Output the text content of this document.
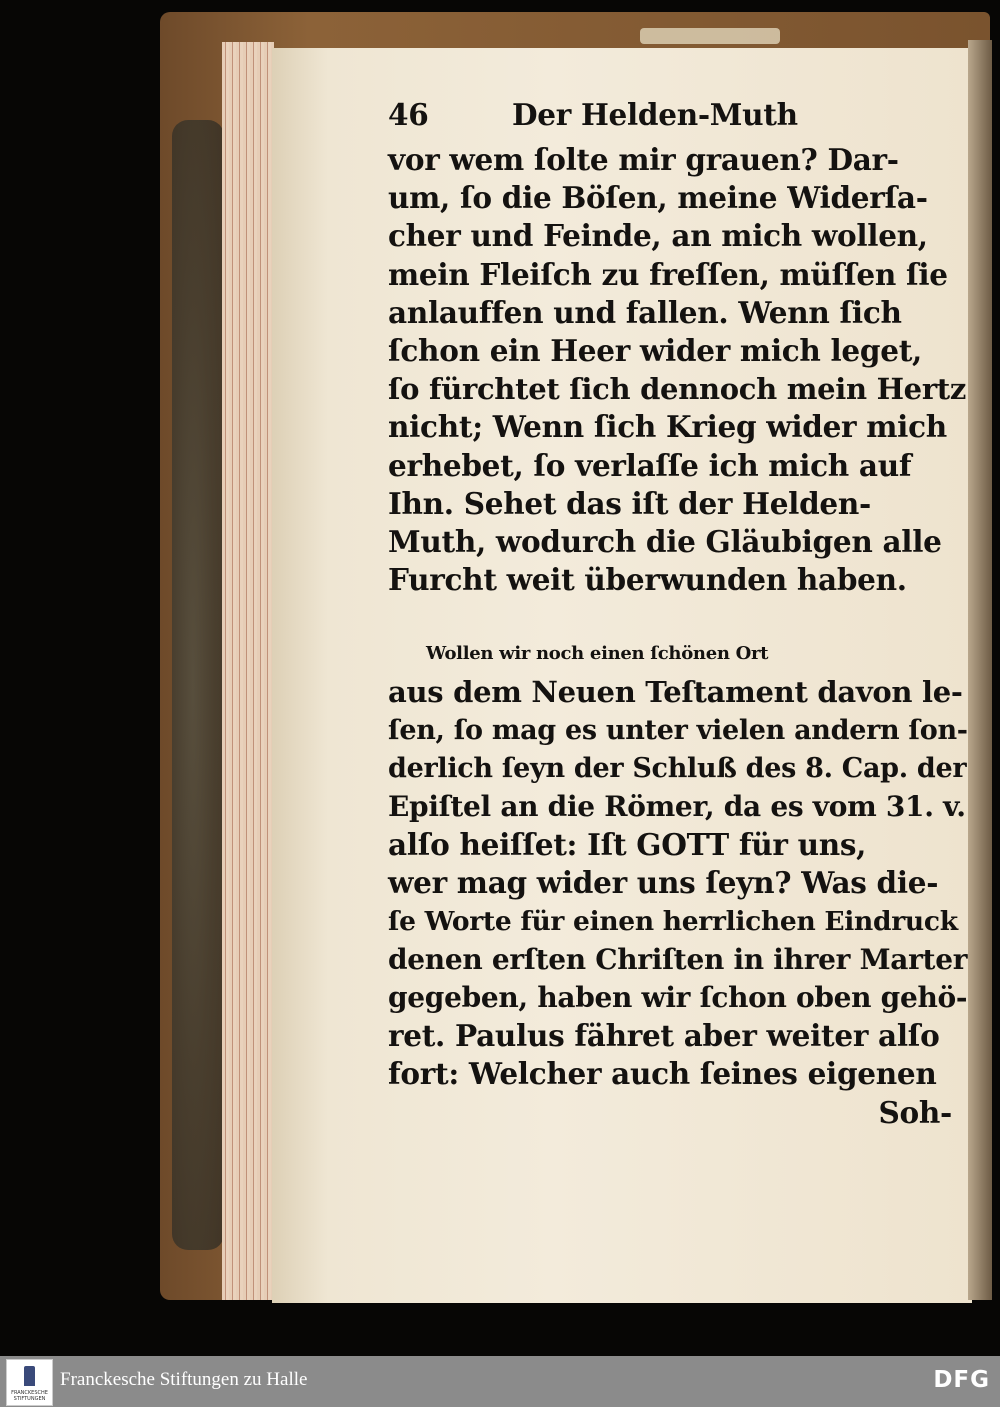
46	Der Helden-Muth
vor wem ſolte mir grauen? Dar-
um, ſo die Böſen, meine Widerſa-
cher und Feinde, an mich wollen,
mein Fleiſch zu freſſen, müſſen ſie
anlauffen und fallen. Wenn ſich
ſchon ein Heer wider mich leget,
ſo fürchtet ſich dennoch mein Hertz
nicht; Wenn ſich Krieg wider mich
erhebet, ſo verlaſſe ich mich auf
Ihn. Sehet das iſt der Helden-
Muth, wodurch die Gläubigen alle
Furcht weit überwunden haben.
Wollen wir noch einen ſchönen Ort
aus dem Neuen Teſtament davon le-
ſen, ſo mag es unter vielen andern ſon-
derlich ſeyn der Schluß des 8. Cap. der
Epiſtel an die Römer, da es vom 31. v.
alſo heiſſet: Iſt GOTT für uns,
wer mag wider uns ſeyn? Was die-
ſe Worte für einen herrlichen Eindruck
denen erſten Chriſten in ihrer Marter
gegeben, haben wir ſchon oben gehö-
ret. Paulus fähret aber weiter alſo
fort: Welcher auch ſeines eigenen
Soh-
FRANCKESCHE STIFTUNGEN
Franckesche Stiftungen zu Halle	DFG
